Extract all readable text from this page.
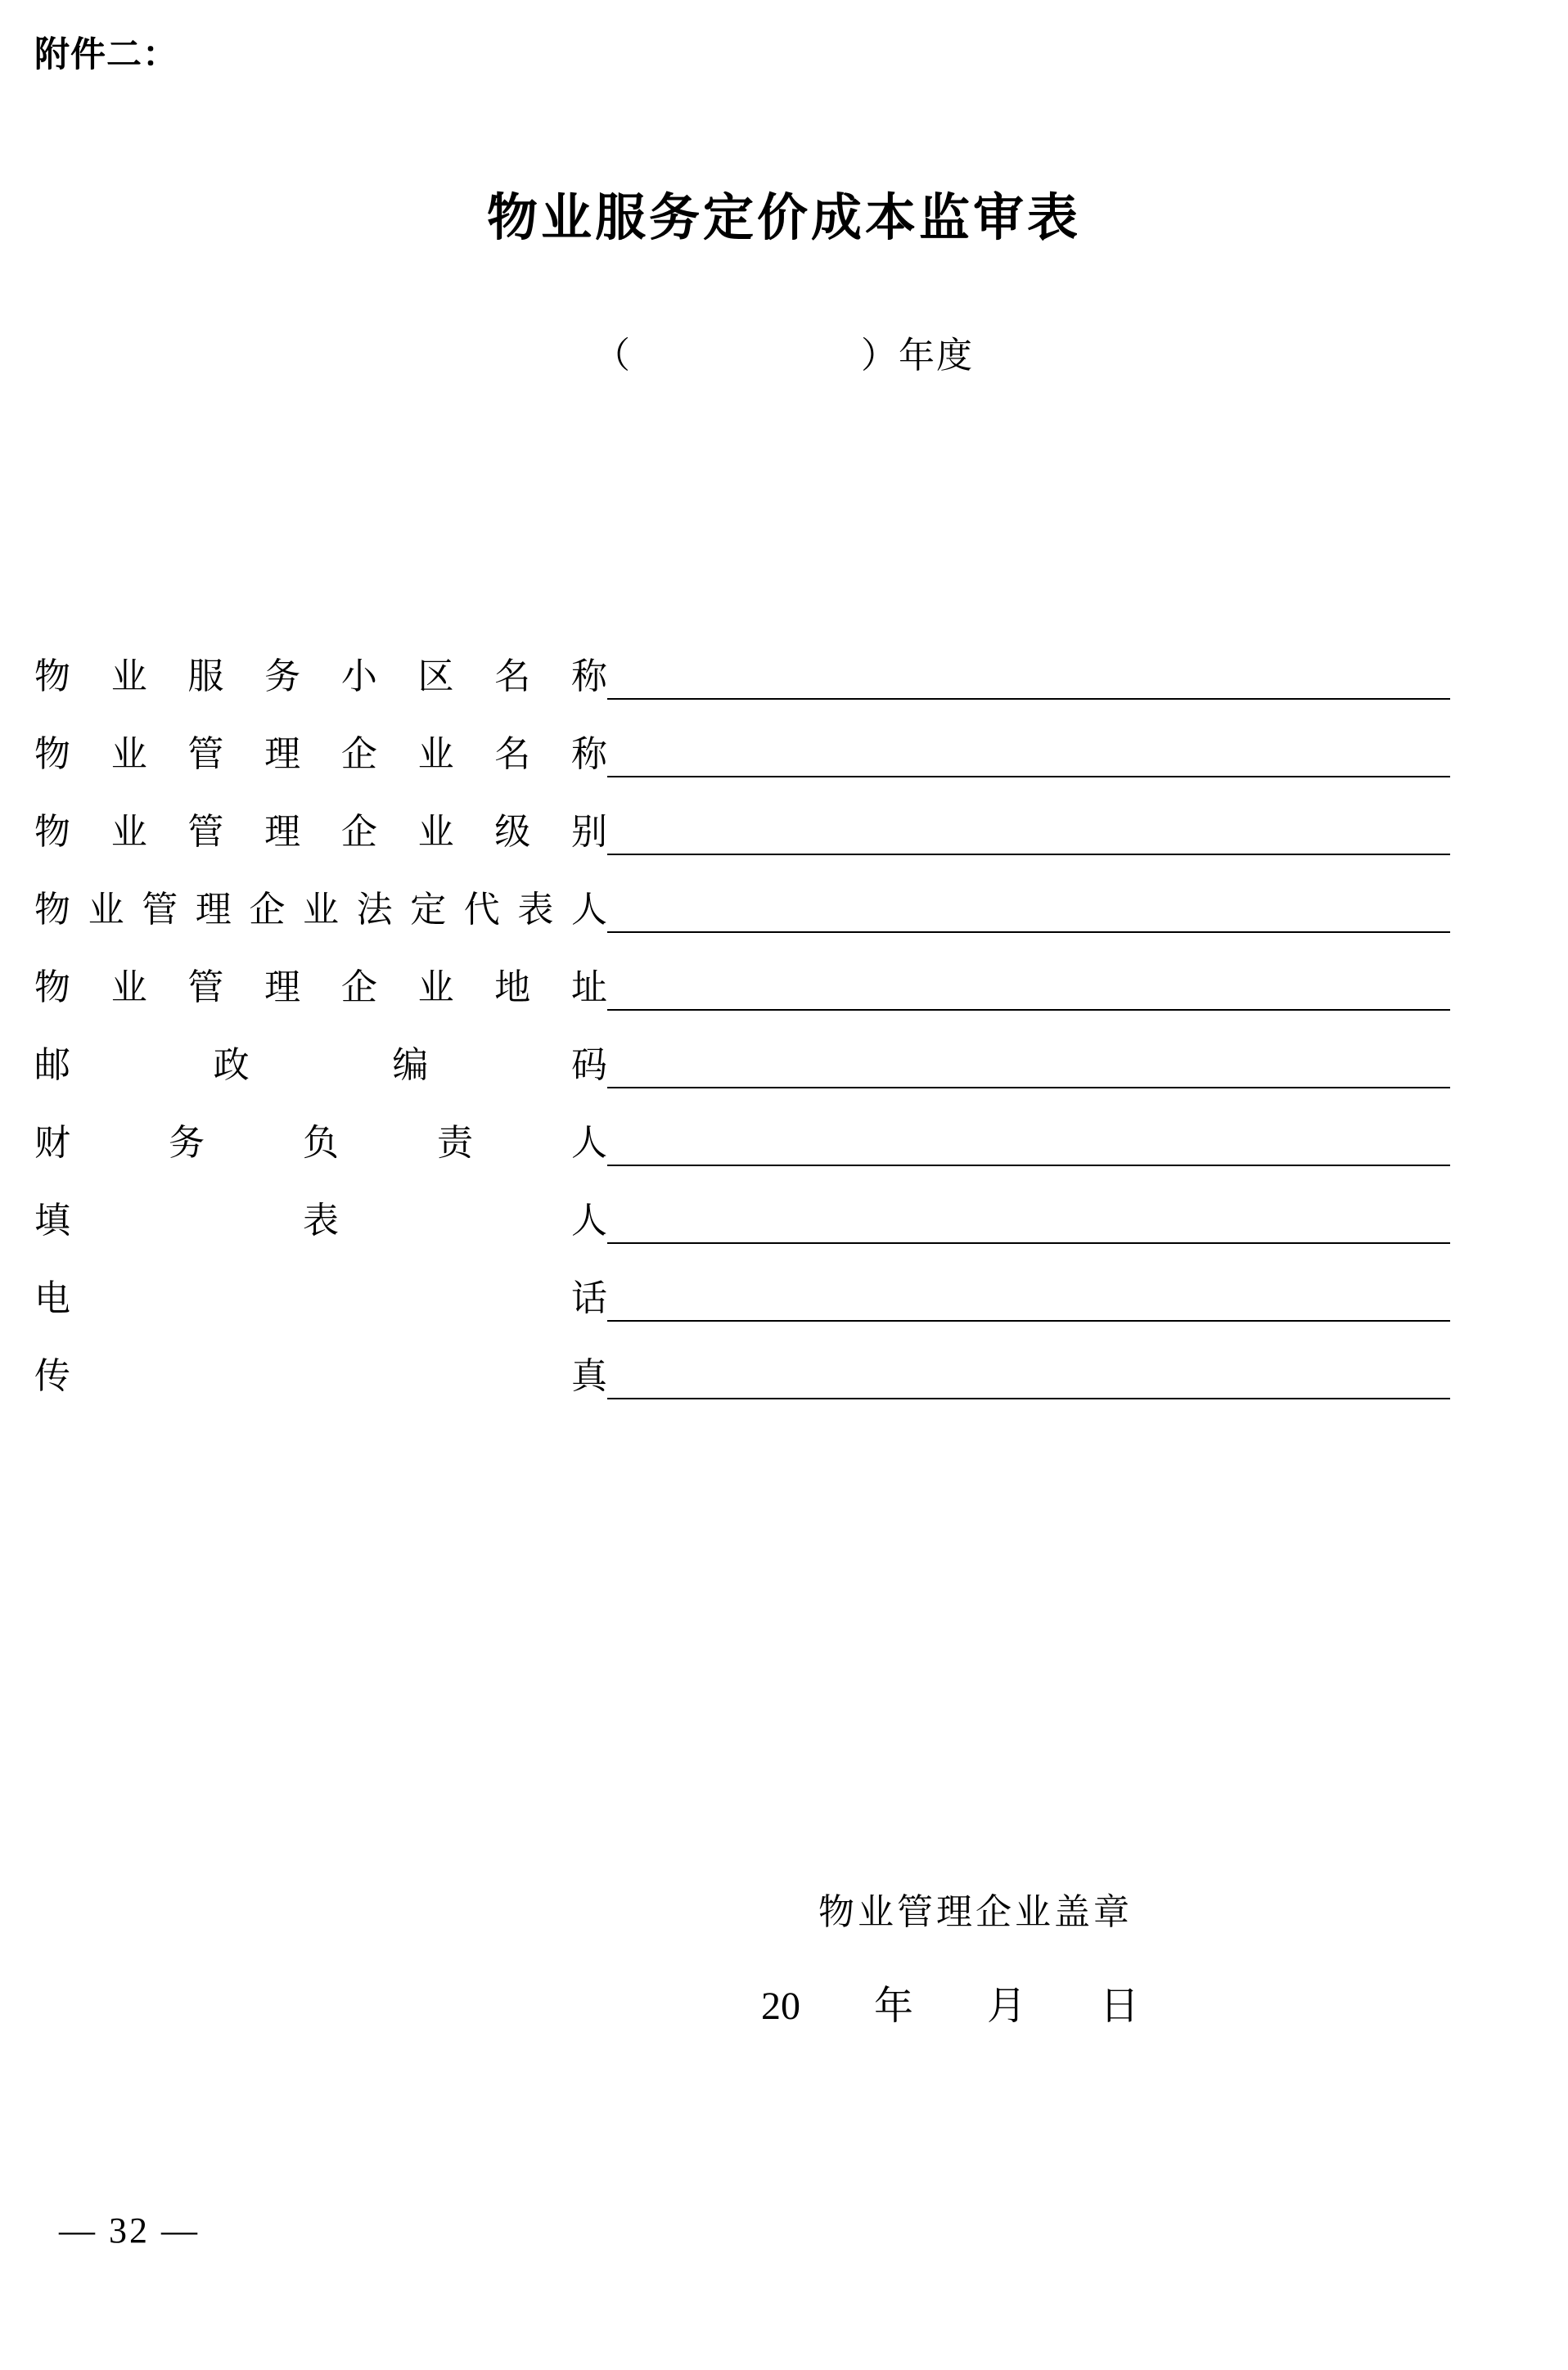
附件二：
物业服务定价成本监审表
（	）年度
物业服务小区名称
物业管理企业名称
物业管理企业级别
物业管理企业法定代表人
物业管理企业地址
邮政编码
财务负责人
填表人
电话
传真
物业管理企业盖章
20 年 月 日
— 32 —
